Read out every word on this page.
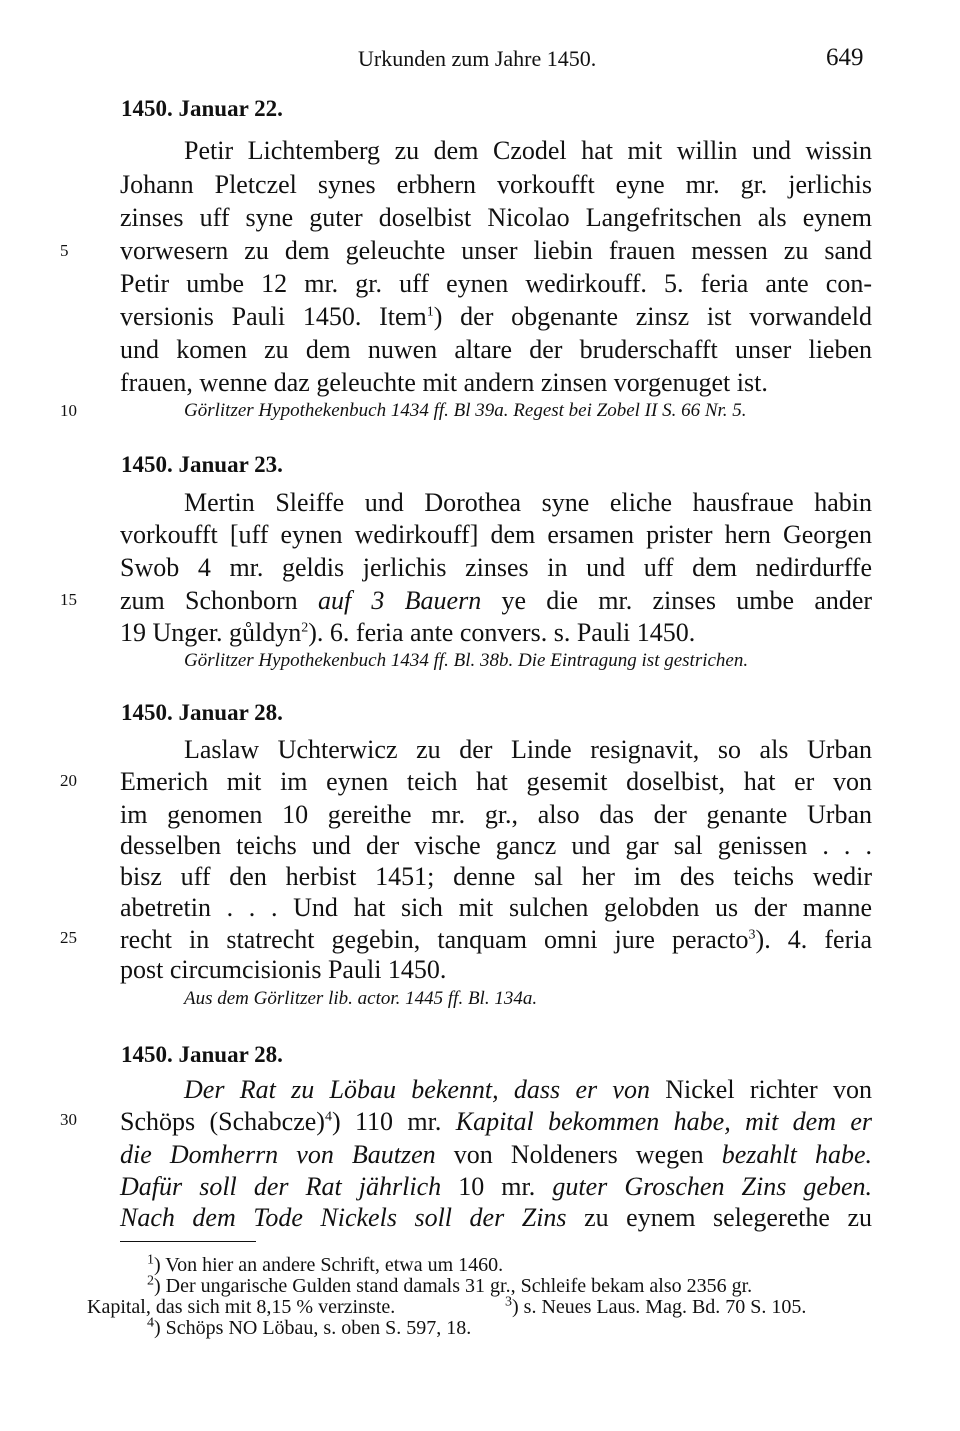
Urkunden zum Jahre 1450.	649
1450. Januar 22.
Petir Lichtemberg zu dem Czodel hat mit willin und wissin
Johann Pletczel synes erbhern vorkoufft eyne mr. gr. jerlichis
zinses uff syne guter doselbist Nicolao Langefritschen als eynem
vorwesern zu dem geleuchte unser liebin frauen messen zu sand
Petir umbe 12 mr. gr. uff eynen wedirkouff. 5. feria ante con-
versionis Pauli 1450. Item$^1$) der obgenante zinsz ist vorwandeld
und komen zu dem nuwen altare der bruderschafft unser lieben
frauen, wenne daz geleuchte mit andern zinsen vorgenuget ist.
Görlitzer Hypothekenbuch 1434 ff. Bl 39a. Regest bei Zobel II S. 66 Nr. 5.
1450. Januar 23.
Mertin Sleiffe und Dorothea syne eliche hausfraue habin
vorkoufft [uff eynen wedirkouff] dem ersamen prister hern Georgen
Swob 4 mr. geldis jerlichis zinses in und uff dem nedirdurffe
zum Schonborn auf 3 Bauern ye die mr. zinses umbe ander
19 Unger. gůldyn$^2$). 6. feria ante convers. s. Pauli 1450.
Görlitzer Hypothekenbuch 1434 ff. Bl. 38b. Die Eintragung ist gestrichen.
1450. Januar 28.
Laslaw Uchterwicz zu der Linde resignavit, so als Urban
Emerich mit im eynen teich hat gesemit doselbist, hat er von
im genomen 10 gereithe mr. gr., also das der genante Urban
desselben teichs und der vische gancz und gar sal genissen . . .
bisz uff den herbist 1451; denne sal her im des teichs wedir
abetretin . . . Und hat sich mit sulchen gelobden us der manne
recht in statrecht gegebin, tanquam omni jure peracto$^3$). 4. feria
post circumcisionis Pauli 1450.
Aus dem Görlitzer lib. actor. 1445 ff. Bl. 134a.
1450. Januar 28.
Der Rat zu Löbau bekennt, dass er von Nickel richter von
Schöps (Schabcze)$^4$) 110 mr. Kapital bekommen habe, mit dem er
die Domherrn von Bautzen von Noldeners wegen bezahlt habe.
Dafür soll der Rat jährlich 10 mr. guter Groschen Zins geben.
Nach dem Tode Nickels soll der Zins zu eynem selegerethe zu
5
10
15
20
25
30
$^1$) Von hier an andere Schrift, etwa um 1460.
$^2$) Der ungarische Gulden stand damals 31 gr., Schleife bekam also 2356 gr.
Kapital, das sich mit 8,15 % verzinste.	$^3$) s. Neues Laus. Mag. Bd. 70 S. 105.
$^4$) Schöps NO Löbau, s. oben S. 597, 18.
